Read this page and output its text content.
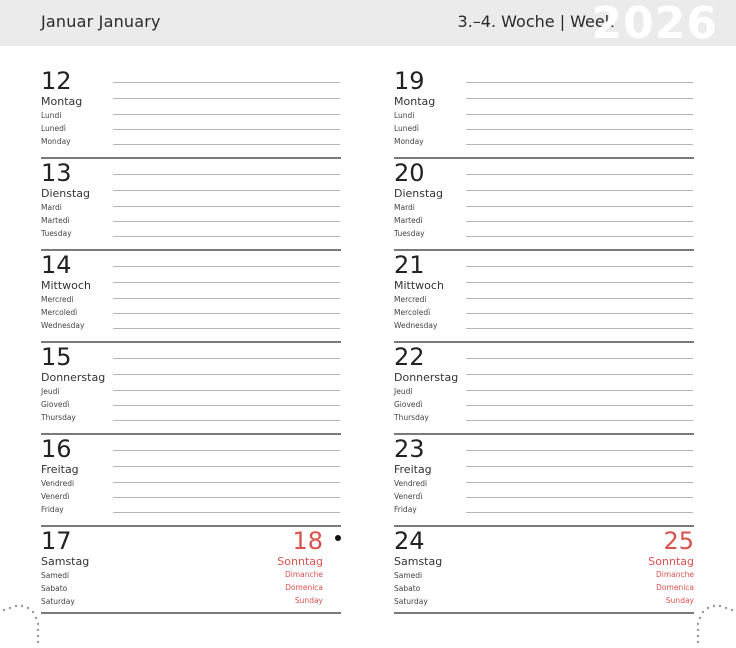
Januar January	3.–4. Woche | Week
2026
12
Montag
Lundi
Lunedì
Monday
13
Dienstag
Mardi
Martedì
Tuesday
14
Mittwoch
Mercredi
Mercoledì
Wednesday
15
Donnerstag
Jeudi
Giovedì
Thursday
16
Freitag
Vendredi
Venerdì
Friday
17
Samstag
Samedi
Sabato
Saturday
18
Sonntag
Dimanche
Domenica
Sunday
19
Montag
Lundi
Lunedì
Monday
20
Dienstag
Mardi
Martedì
Tuesday
21
Mittwoch
Mercredi
Mercoledì
Wednesday
22
Donnerstag
Jeudi
Giovedì
Thursday
23
Freitag
Vendredi
Venerdì
Friday
24
Samstag
Samedi
Sabato
Saturday
25
Sonntag
Dimanche
Domenica
Sunday
